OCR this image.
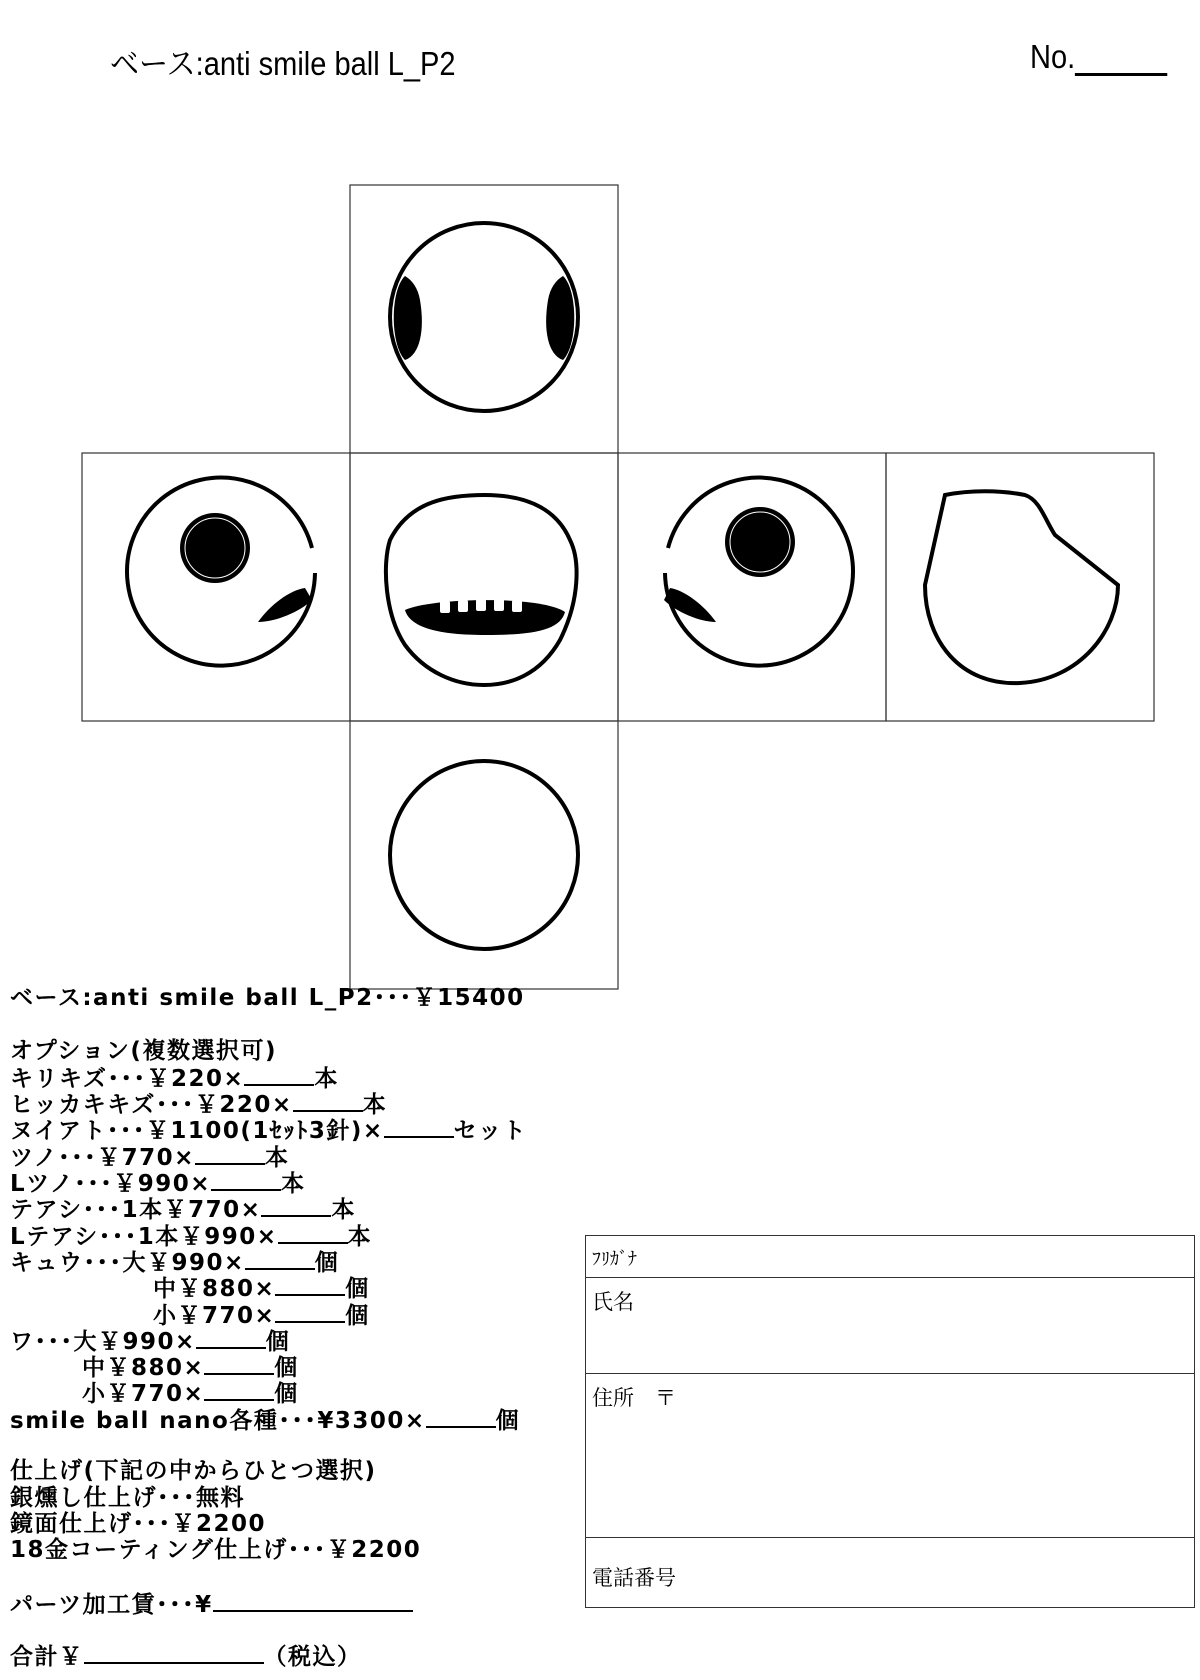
ベース:anti smile ball L_P2	No.
ベース:anti smile ball L_P2･･･￥15400
オプション(複数選択可)
キリキズ･･･￥220×	本
ヒッカキキズ･･･￥220×	本
ヌイアト･･･￥1100(1ｾｯﾄ3針)×	セット
ツノ･･･￥770×	本
Lツノ･･･￥990×	本
テアシ･･･1本￥770×	本
Lテアシ･･･1本￥990×	本
キュウ･･･大￥990×	個
中￥880×	個
小￥770×	個
ワ･･･大￥990×	個
中￥880×	個
小￥770×	個
smile ball nano各種･･･¥3300×	個
仕上げ(下記の中からひとつ選択)
銀燻し仕上げ･･･無料
鏡面仕上げ･･･￥2200
18金コーティング仕上げ･･･￥2200
パーツ加工賃･･･¥
合計￥	（税込）
ﾌﾘｶﾞﾅ
氏名
住所　〒
電話番号
